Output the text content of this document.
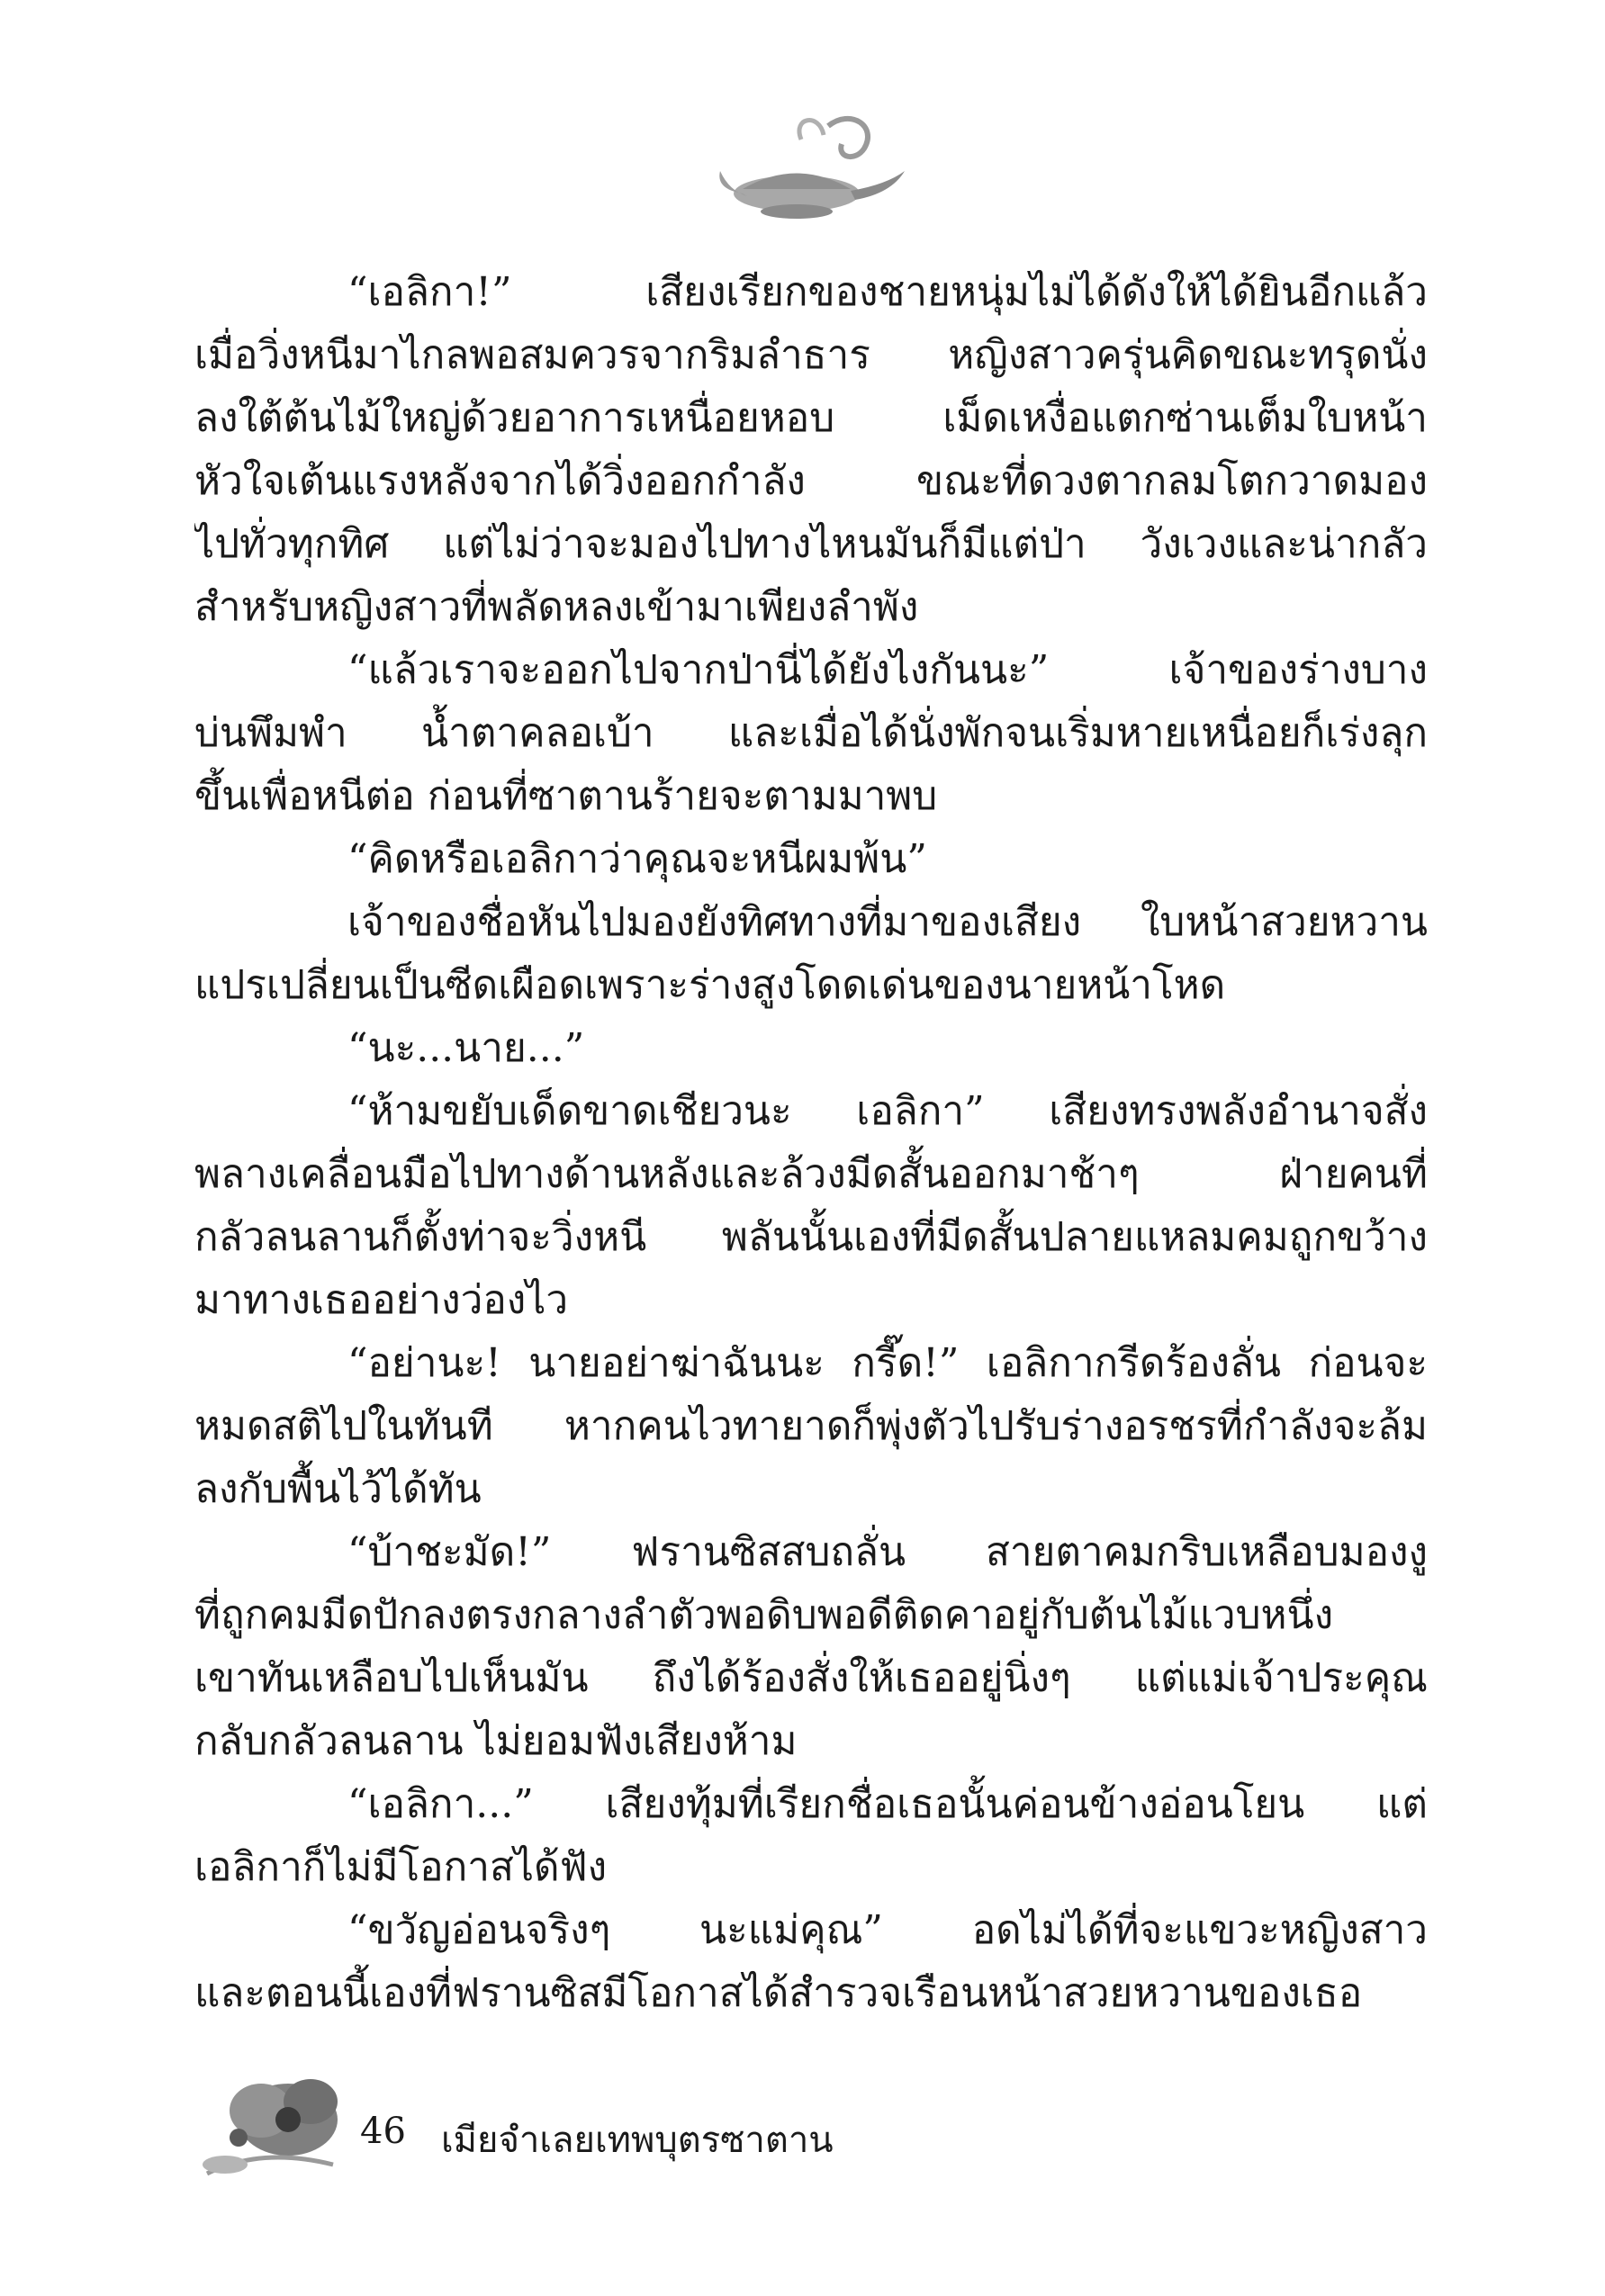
“เอลิกา!” เสียงเรียกของชายหนุ่มไม่ได้ดังให้ได้ยินอีกแล้ว
เมื่อวิ่งหนีมาไกลพอสมควรจากริมลำธาร หญิงสาวครุ่นคิดขณะทรุดนั่ง
ลงใต้ต้นไม้ใหญ่ด้วยอาการเหนื่อยหอบ เม็ดเหงื่อแตกซ่านเต็มใบหน้า
หัวใจเต้นแรงหลังจากได้วิ่งออกกำลัง ขณะที่ดวงตากลมโตกวาดมอง
ไปทั่วทุกทิศ แต่ไม่ว่าจะมองไปทางไหนมันก็มีแต่ป่า วังเวงและน่ากลัว
สำหรับหญิงสาวที่พลัดหลงเข้ามาเพียงลำพัง
“แล้วเราจะออกไปจากป่านี่ได้ยังไงกันนะ” เจ้าของร่างบาง
บ่นพึมพำ น้ำตาคลอเบ้า และเมื่อได้นั่งพักจนเริ่มหายเหนื่อยก็เร่งลุก
ขึ้นเพื่อหนีต่อ ก่อนที่ซาตานร้ายจะตามมาพบ
“คิดหรือเอลิกาว่าคุณจะหนีผมพ้น”
เจ้าของชื่อหันไปมองยังทิศทางที่มาของเสียง ใบหน้าสวยหวาน
แปรเปลี่ยนเป็นซีดเผือดเพราะร่างสูงโดดเด่นของนายหน้าโหด
“นะ...นาย...”
“ห้ามขยับเด็ดขาดเชียวนะ เอลิกา” เสียงทรงพลังอำนาจสั่ง
พลางเคลื่อนมือไปทางด้านหลังและล้วงมีดสั้นออกมาช้าๆ ฝ่ายคนที่
กลัวลนลานก็ตั้งท่าจะวิ่งหนี พลันนั้นเองที่มีดสั้นปลายแหลมคมถูกขว้าง
มาทางเธออย่างว่องไว
“อย่านะ! นายอย่าฆ่าฉันนะ กรี๊ด!” เอลิกากรีดร้องลั่น ก่อนจะ
หมดสติไปในทันที หากคนไวทายาดก็พุ่งตัวไปรับร่างอรชรที่กำลังจะล้ม
ลงกับพื้นไว้ได้ทัน
“บ้าชะมัด!” ฟรานซิสสบถลั่น สายตาคมกริบเหลือบมองงู
ที่ถูกคมมีดปักลงตรงกลางลำตัวพอดิบพอดีติดคาอยู่กับต้นไม้แวบหนึ่ง
เขาทันเหลือบไปเห็นมัน ถึงได้ร้องสั่งให้เธออยู่นิ่งๆ แต่แม่เจ้าประคุณ
กลับกลัวลนลาน ไม่ยอมฟังเสียงห้าม
“เอลิกา...” เสียงทุ้มที่เรียกชื่อเธอนั้นค่อนข้างอ่อนโยน แต่
เอลิกาก็ไม่มีโอกาสได้ฟัง
“ขวัญอ่อนจริงๆ นะแม่คุณ” อดไม่ได้ที่จะแขวะหญิงสาว
และตอนนี้เองที่ฟรานซิสมีโอกาสได้สำรวจเรือนหน้าสวยหวานของเธอ
46 เมียจำเลยเทพบุตรซาตาน
